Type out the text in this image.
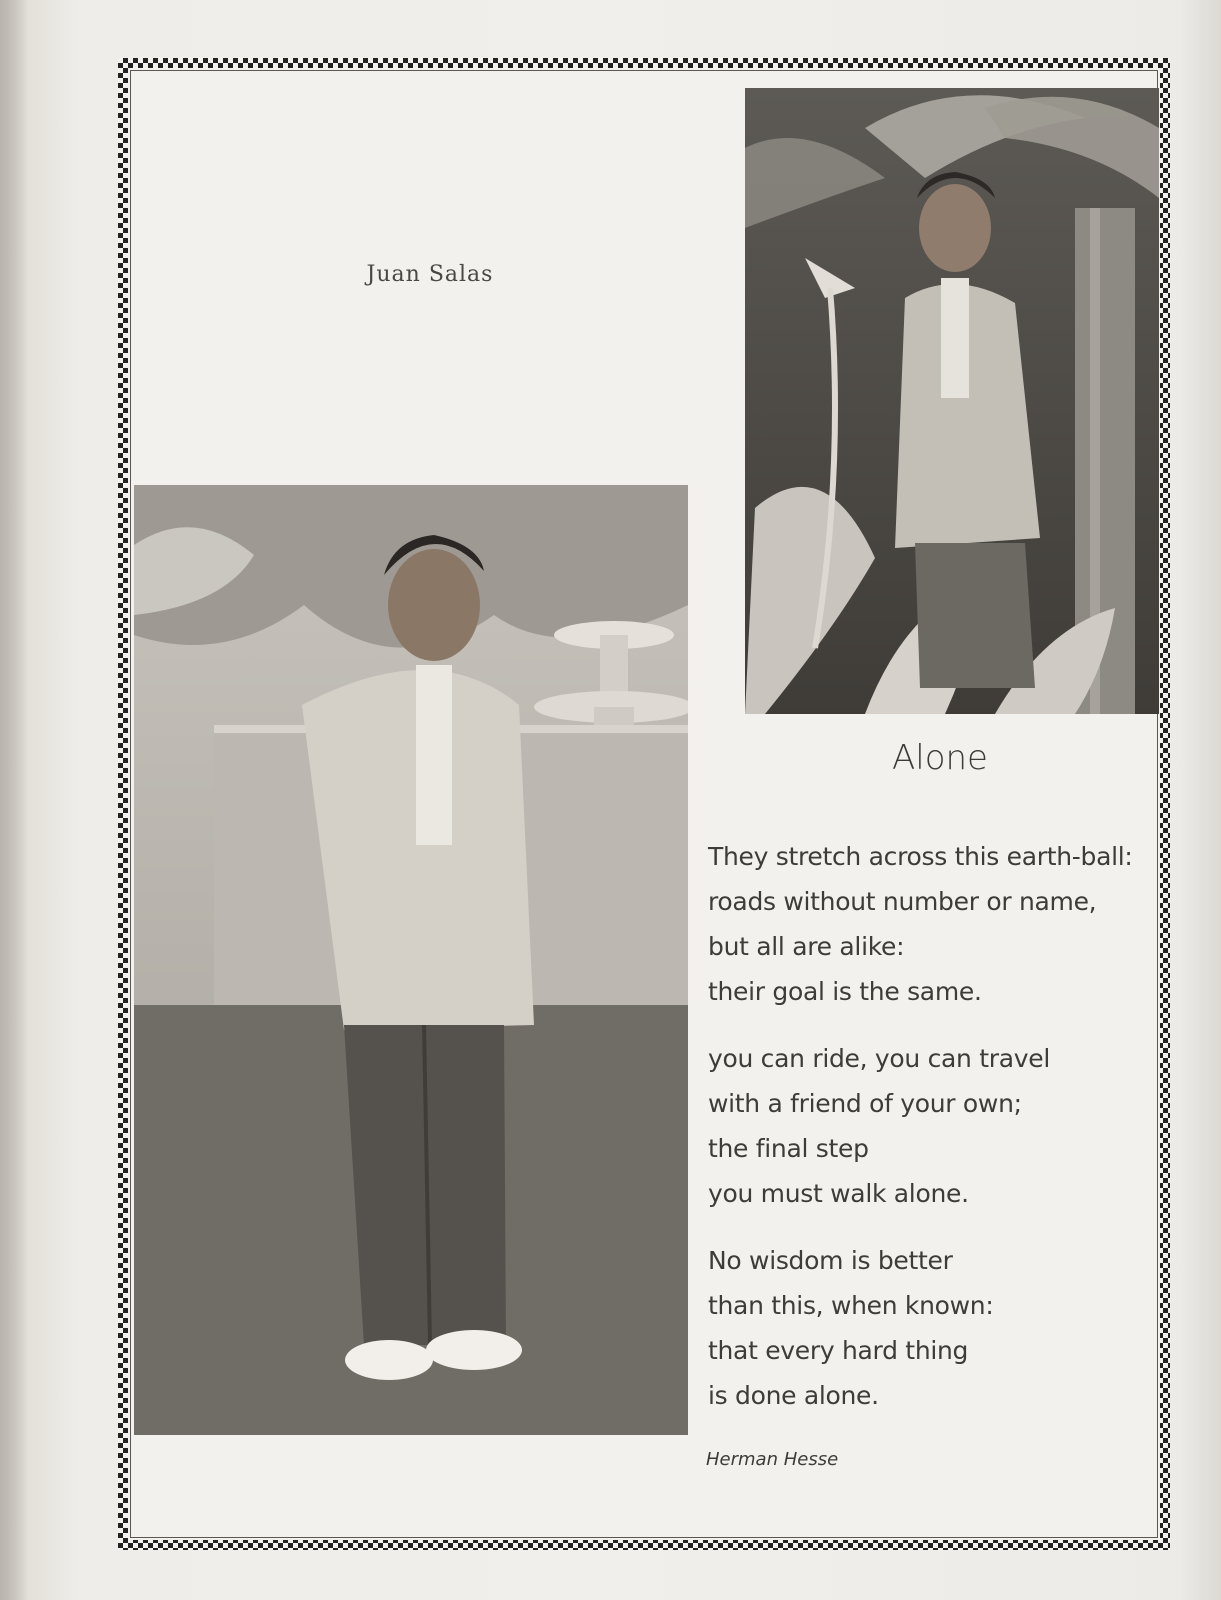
Juan Salas
Alone
They stretch across this earth-ball:
roads without number or name,
but all are alike:
their goal is the same.
you can ride, you can travel
with a friend of your own;
the final step
you must walk alone.
No wisdom is better
than this, when known:
that every hard thing
is done alone.
Herman Hesse
